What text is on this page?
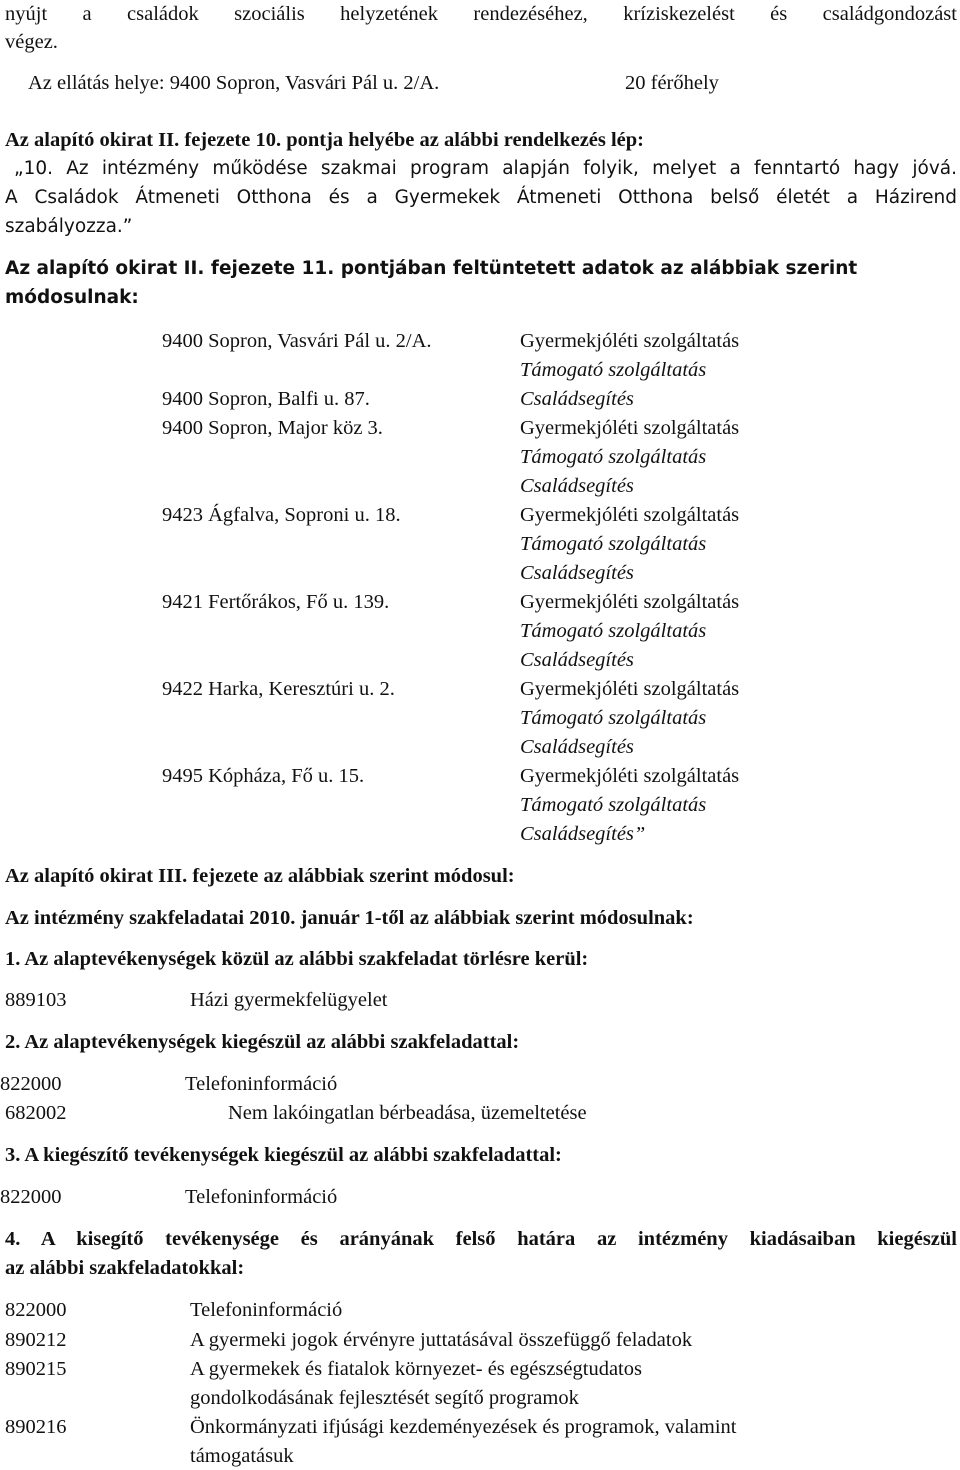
nyújt a családok szociális helyzetének rendezéséhez, kríziskezelést és családgondozást
végez.
Az ellátás helye: 9400 Sopron, Vasvári Pál u. 2/A.	20 férőhely
Az alapító okirat II. fejezete 10. pontja helyébe az alábbi rendelkezés lép:
„10. Az intézmény működése szakmai program alapján folyik, melyet a fenntartó hagy jóvá.
A Családok Átmeneti Otthona és a Gyermekek Átmeneti Otthona belső életét a Házirend
szabályozza.”
Az alapító okirat II. fejezete 11. pontjában feltüntetett adatok az alábbiak szerint
módosulnak:
9400 Sopron, Vasvári Pál u. 2/A.	Gyermekjóléti szolgáltatás
Támogató szolgáltatás
9400 Sopron, Balfi u. 87.	Családsegítés
9400 Sopron, Major köz 3.	Gyermekjóléti szolgáltatás
Támogató szolgáltatás
Családsegítés
9423 Ágfalva, Soproni u. 18.	Gyermekjóléti szolgáltatás
Támogató szolgáltatás
Családsegítés
9421 Fertőrákos, Fő u. 139.	Gyermekjóléti szolgáltatás
Támogató szolgáltatás
Családsegítés
9422 Harka, Keresztúri u. 2.	Gyermekjóléti szolgáltatás
Támogató szolgáltatás
Családsegítés
9495 Kópháza, Fő u. 15.	Gyermekjóléti szolgáltatás
Támogató szolgáltatás
Családsegítés”
Az alapító okirat III. fejezete az alábbiak szerint módosul:
Az intézmény szakfeladatai 2010. január 1-től az alábbiak szerint módosulnak:
1. Az alaptevékenységek közül az alábbi szakfeladat törlésre kerül:
889103	Házi gyermekfelügyelet
2. Az alaptevékenységek kiegészül az alábbi szakfeladattal:
822000	Telefoninformáció
682002	Nem lakóingatlan bérbeadása, üzemeltetése
3. A kiegészítő tevékenységek kiegészül az alábbi szakfeladattal:
822000	Telefoninformáció
4. A kisegítő tevékenysége és arányának felső határa az intézmény kiadásaiban kiegészül
az alábbi szakfeladatokkal:
822000	Telefoninformáció
890212	A gyermeki jogok érvényre juttatásával összefüggő feladatok
890215	A gyermekek és fiatalok környezet- és egészségtudatos
gondolkodásának fejlesztését segítő programok
890216	Önkormányzati ifjúsági kezdeményezések és programok, valamint
támogatásuk
